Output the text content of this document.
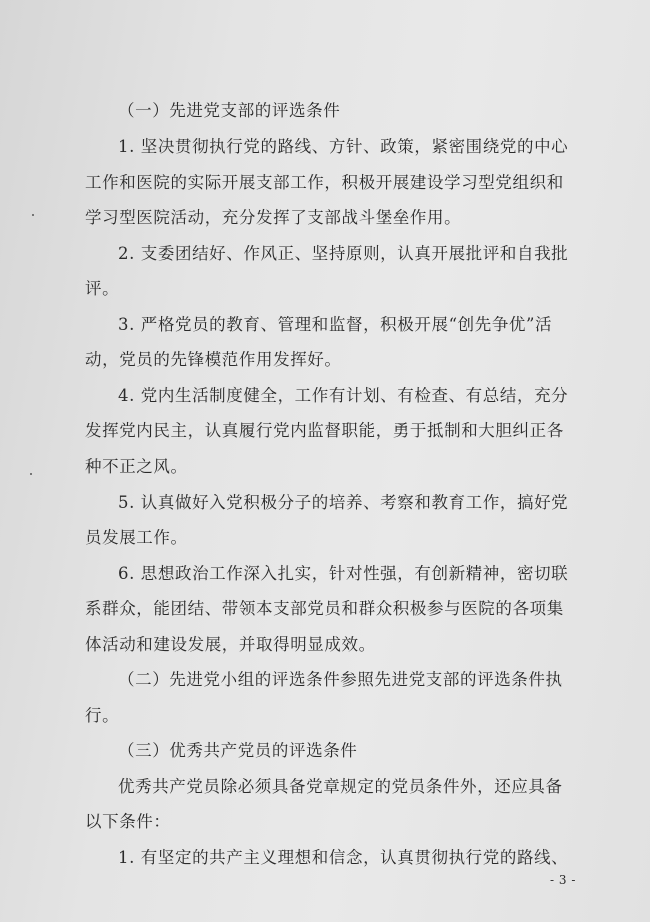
（一）先进党支部的评选条件
1. 坚决贯彻执行党的路线、方针、政策，紧密围绕党的中心
工作和医院的实际开展支部工作，积极开展建设学习型党组织和
学习型医院活动，充分发挥了支部战斗堡垒作用。
2. 支委团结好、作风正、坚持原则，认真开展批评和自我批
评。
3. 严格党员的教育、管理和监督，积极开展“创先争优”活
动，党员的先锋模范作用发挥好。
4. 党内生活制度健全，工作有计划、有检查、有总结，充分
发挥党内民主，认真履行党内监督职能，勇于抵制和大胆纠正各
种不正之风。
5. 认真做好入党积极分子的培养、考察和教育工作，搞好党
员发展工作。
6. 思想政治工作深入扎实，针对性强，有创新精神，密切联
系群众，能团结、带领本支部党员和群众积极参与医院的各项集
体活动和建设发展，并取得明显成效。
（二）先进党小组的评选条件参照先进党支部的评选条件执
行。
（三）优秀共产党员的评选条件
优秀共产党员除必须具备党章规定的党员条件外，还应具备
以下条件：
1. 有坚定的共产主义理想和信念，认真贯彻执行党的路线、
- 3 -
